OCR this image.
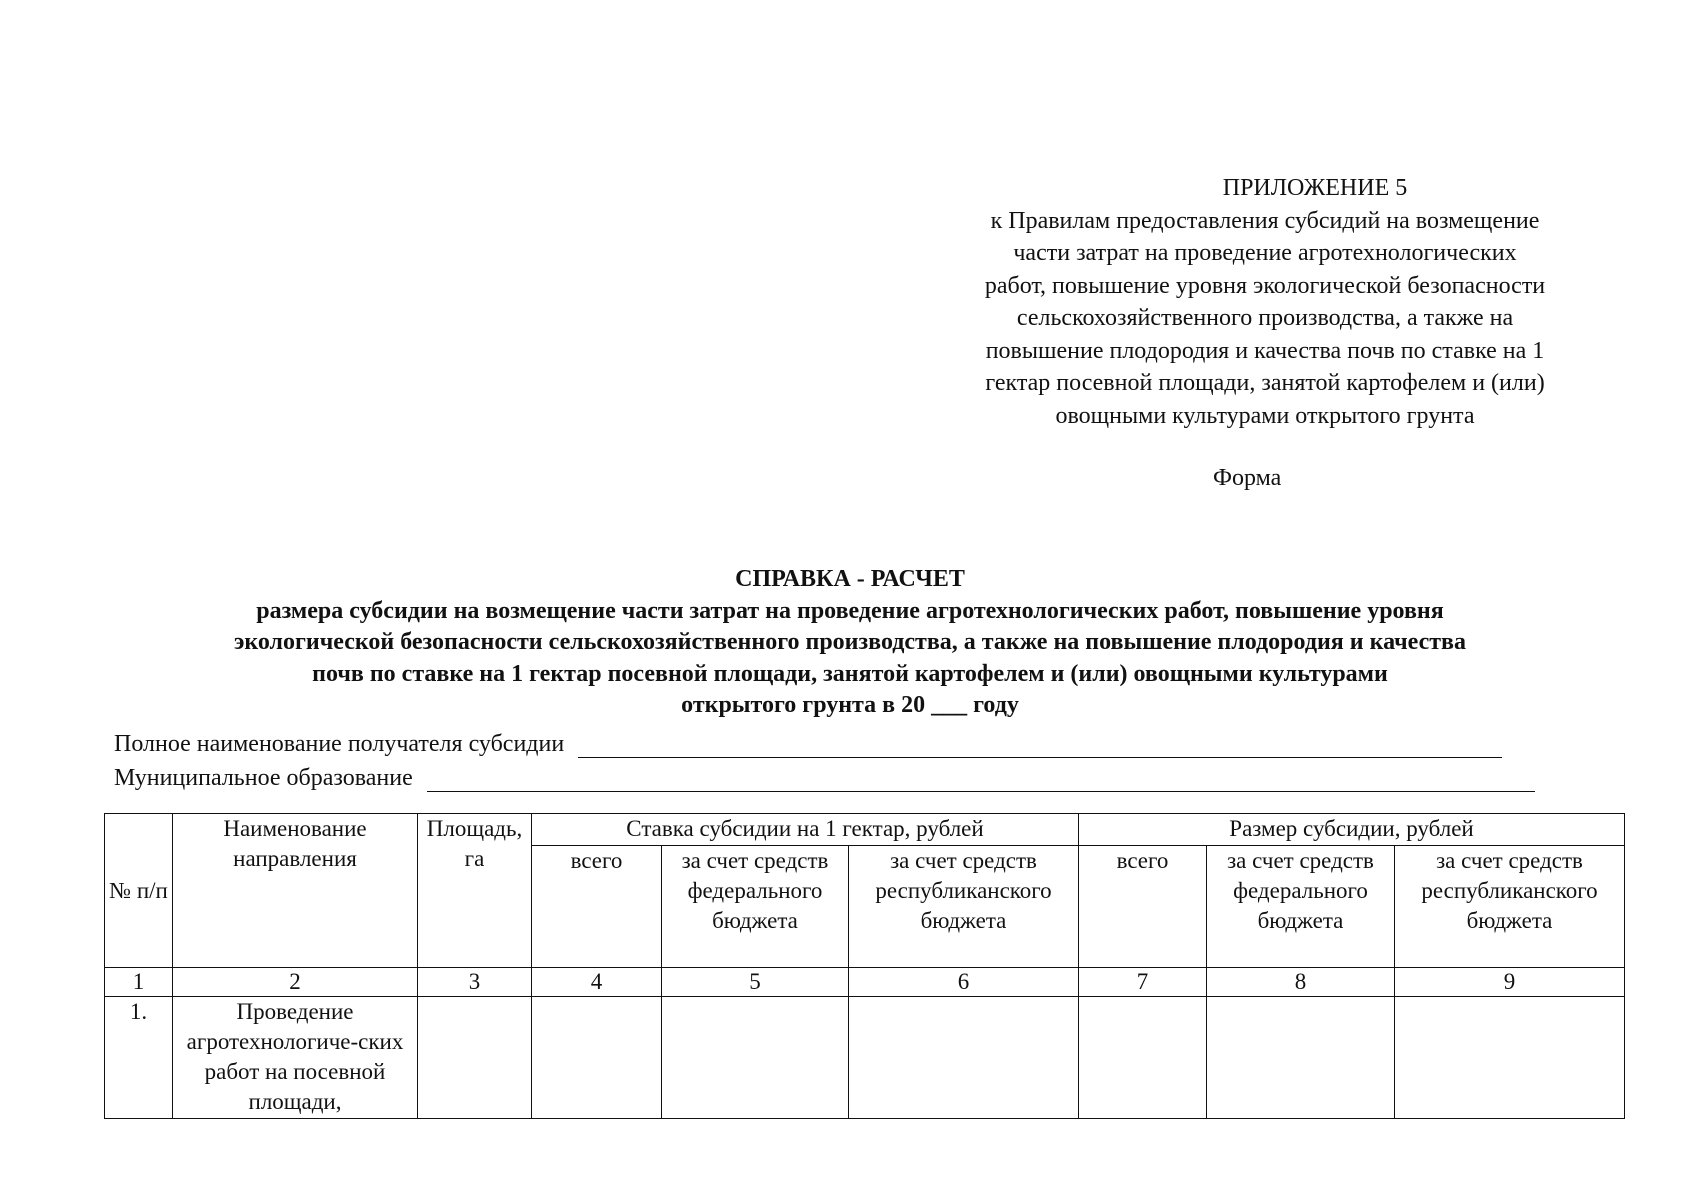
ПРИЛОЖЕНИЕ 5
к Правилам предоставления субсидий на возмещение
части затрат на проведение агротехнологических
работ, повышение уровня экологической безопасности
сельскохозяйственного производства, а также на
повышение плодородия и качества почв по ставке на 1
гектар посевной площади, занятой картофелем и (или)
овощными культурами открытого грунта
Форма
СПРАВКА - РАСЧЕТ
размера субсидии на возмещение части затрат на проведение агротехнологических работ, повышение уровня
экологической безопасности сельскохозяйственного производства, а также на повышение плодородия и качества
почв по ставке на 1 гектар посевной площади, занятой картофелем и (или) овощными культурами
открытого грунта в 20 ___ году
Полное наименование получателя субсидии
Муниципальное образование
№ п/п	Наименование направления	Площадь, га	Ставка субсидии на 1 гектар, рублей			Размер субсидии, рублей		
			всего	за счет средств федерального бюджета	за счет средств республиканского бюджета	всего	за счет средств федерального бюджета	за счет средств республиканского бюджета
1	2	3	4	5	6	7	8	9
1.	Проведение агротехнологиче-ских работ на посевной площади,							
